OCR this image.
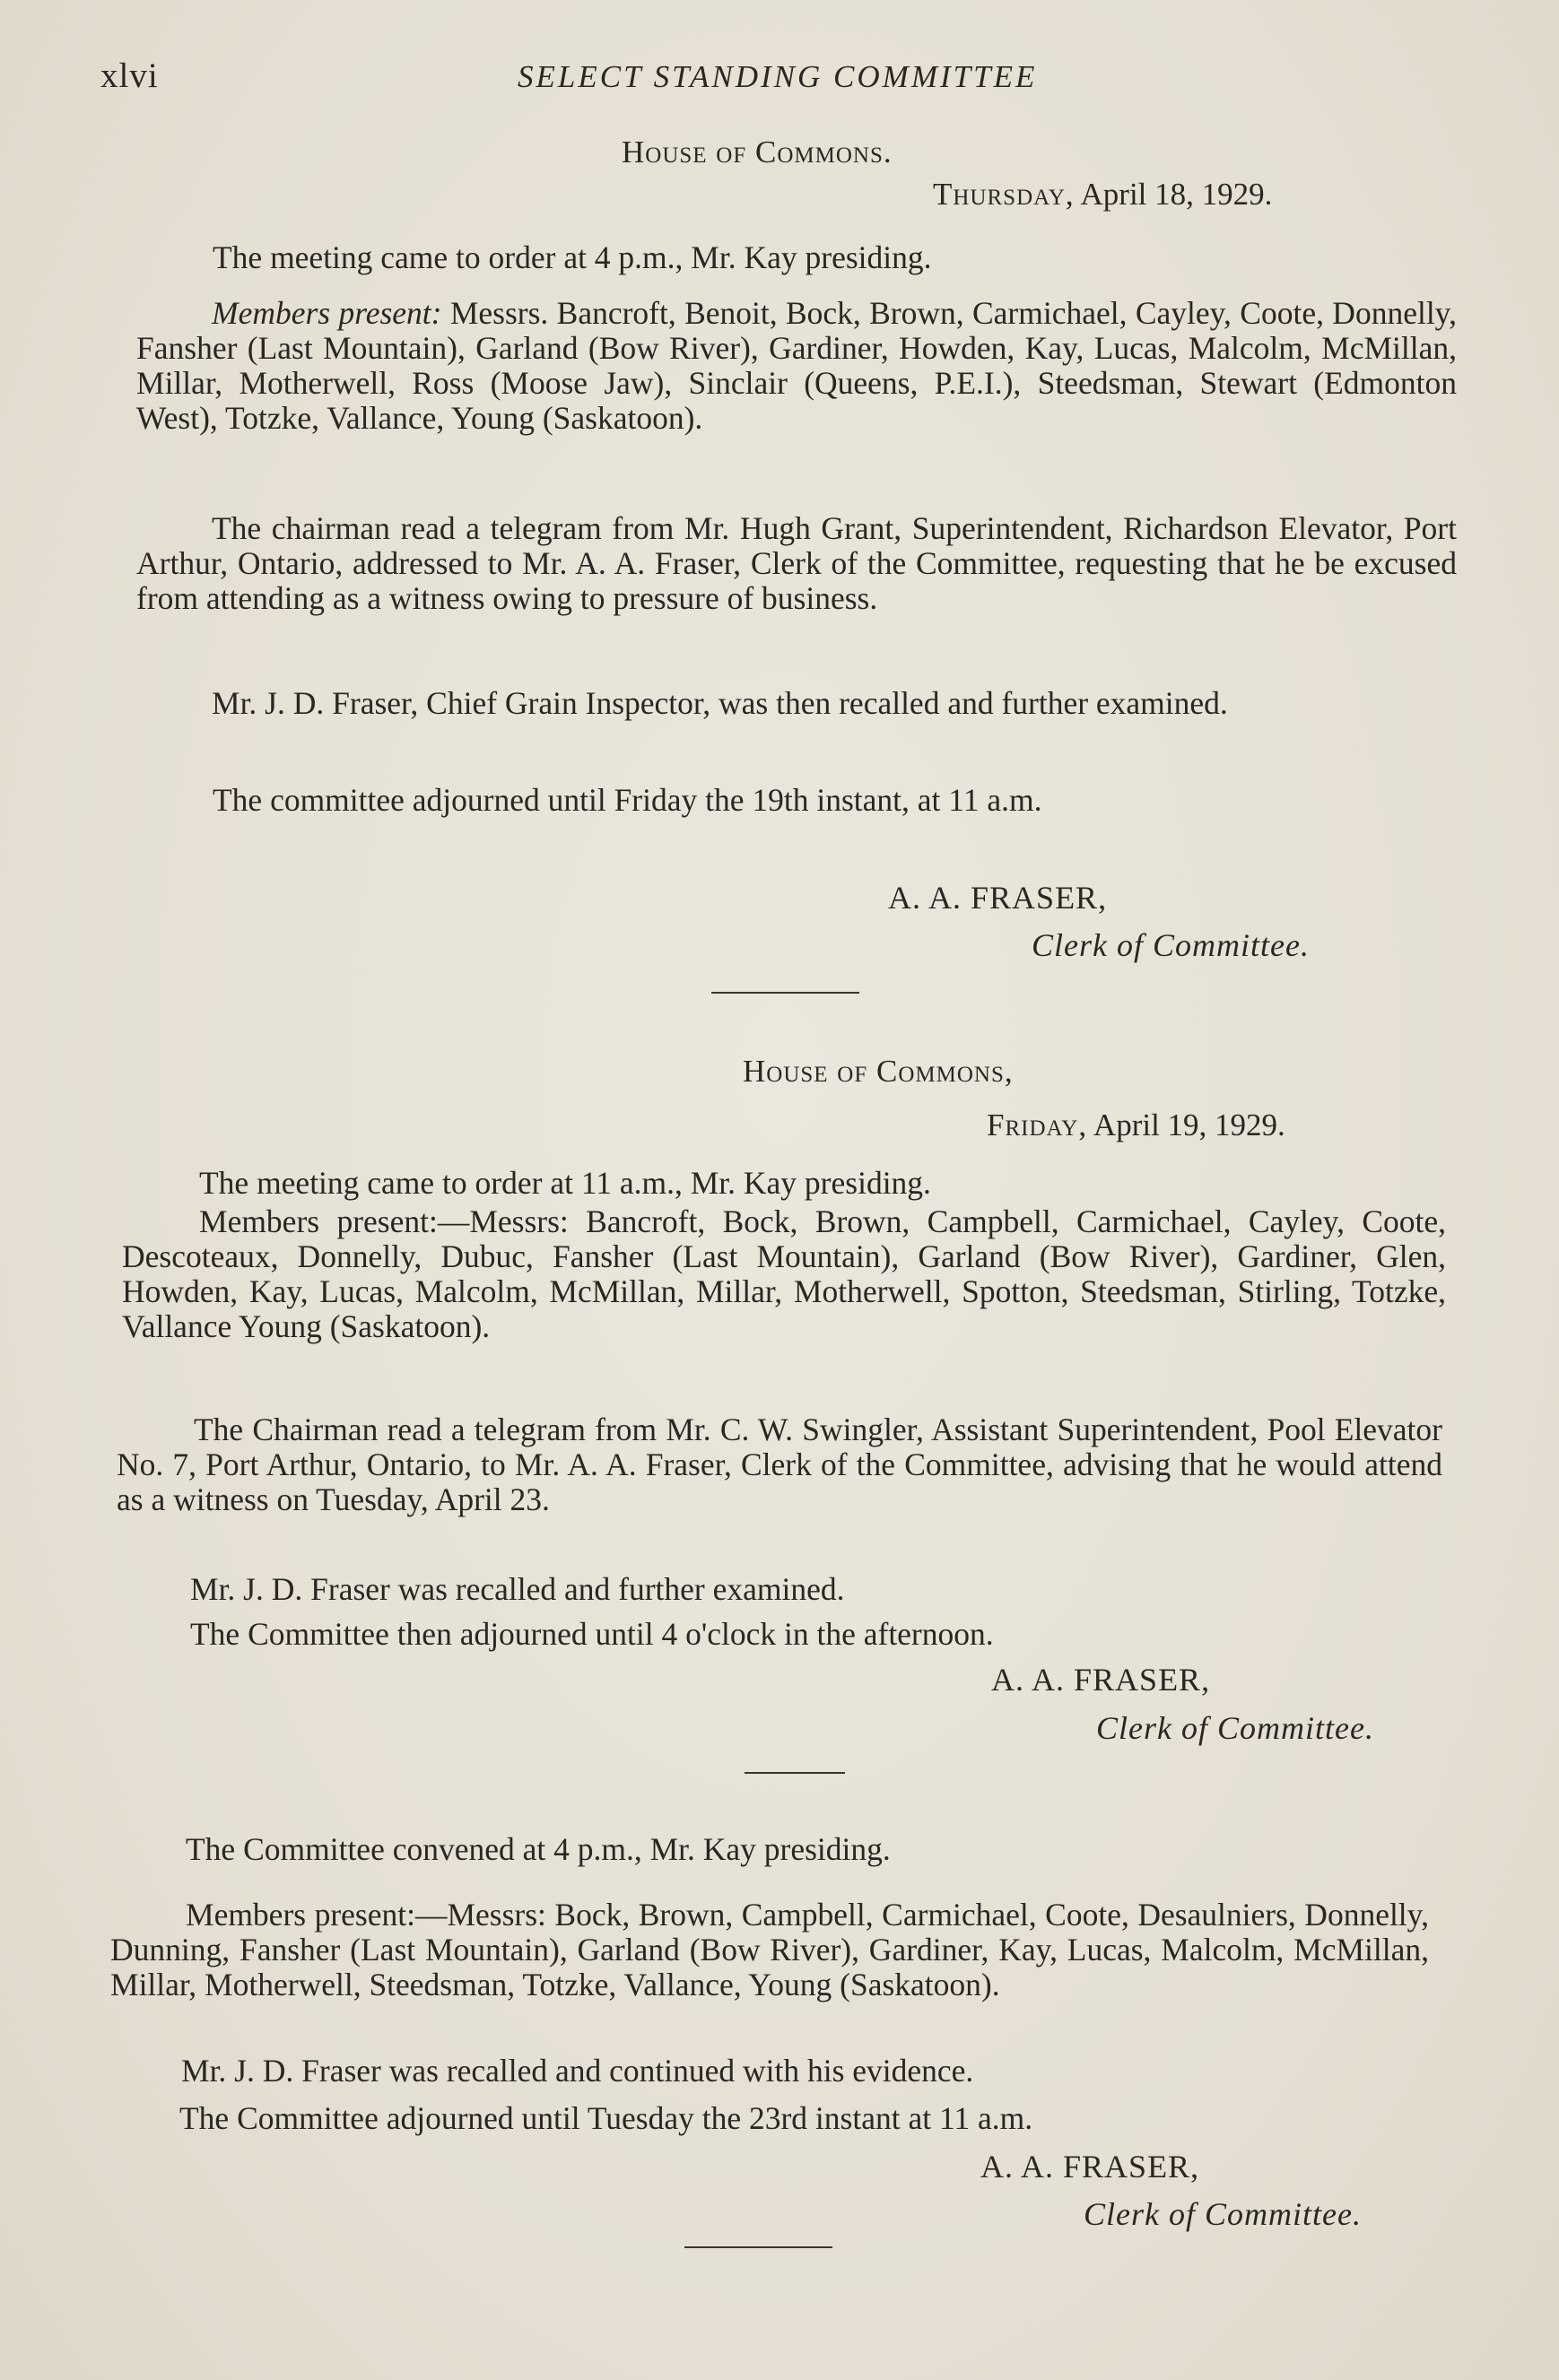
xlvi	SELECT STANDING COMMITTEE
House of Commons.
Thursday, April 18, 1929.
The meeting came to order at 4 p.m., Mr. Kay presiding.
Members present: Messrs. Bancroft, Benoit, Bock, Brown, Carmichael, Cayley, Coote, Donnelly, Fansher (Last Mountain), Garland (Bow River), Gardiner, Howden, Kay, Lucas, Malcolm, McMillan, Millar, Motherwell, Ross (Moose Jaw), Sinclair (Queens, P.E.I.), Steedsman, Stewart (Edmonton West), Totzke, Vallance, Young (Saskatoon).
The chairman read a telegram from Mr. Hugh Grant, Superintendent, Richardson Elevator, Port Arthur, Ontario, addressed to Mr. A. A. Fraser, Clerk of the Committee, requesting that he be excused from attending as a witness owing to pressure of business.
Mr. J. D. Fraser, Chief Grain Inspector, was then recalled and further examined.
The committee adjourned until Friday the 19th instant, at 11 a.m.
A. A. FRASER,
Clerk of Committee.
House of Commons,
Friday, April 19, 1929.
The meeting came to order at 11 a.m., Mr. Kay presiding.
Members present:—Messrs: Bancroft, Bock, Brown, Campbell, Carmichael, Cayley, Coote, Descoteaux, Donnelly, Dubuc, Fansher (Last Mountain), Garland (Bow River), Gardiner, Glen, Howden, Kay, Lucas, Malcolm, McMillan, Millar, Motherwell, Spotton, Steedsman, Stirling, Totzke, Vallance Young (Saskatoon).
The Chairman read a telegram from Mr. C. W. Swingler, Assistant Superintendent, Pool Elevator No. 7, Port Arthur, Ontario, to Mr. A. A. Fraser, Clerk of the Committee, advising that he would attend as a witness on Tuesday, April 23.
Mr. J. D. Fraser was recalled and further examined.
The Committee then adjourned until 4 o'clock in the afternoon.
A. A. FRASER,
Clerk of Committee.
The Committee convened at 4 p.m., Mr. Kay presiding.
Members present:—Messrs: Bock, Brown, Campbell, Carmichael, Coote, Desaulniers, Donnelly, Dunning, Fansher (Last Mountain), Garland (Bow River), Gardiner, Kay, Lucas, Malcolm, McMillan, Millar, Motherwell, Steedsman, Totzke, Vallance, Young (Saskatoon).
Mr. J. D. Fraser was recalled and continued with his evidence.
The Committee adjourned until Tuesday the 23rd instant at 11 a.m.
A. A. FRASER,
Clerk of Committee.
